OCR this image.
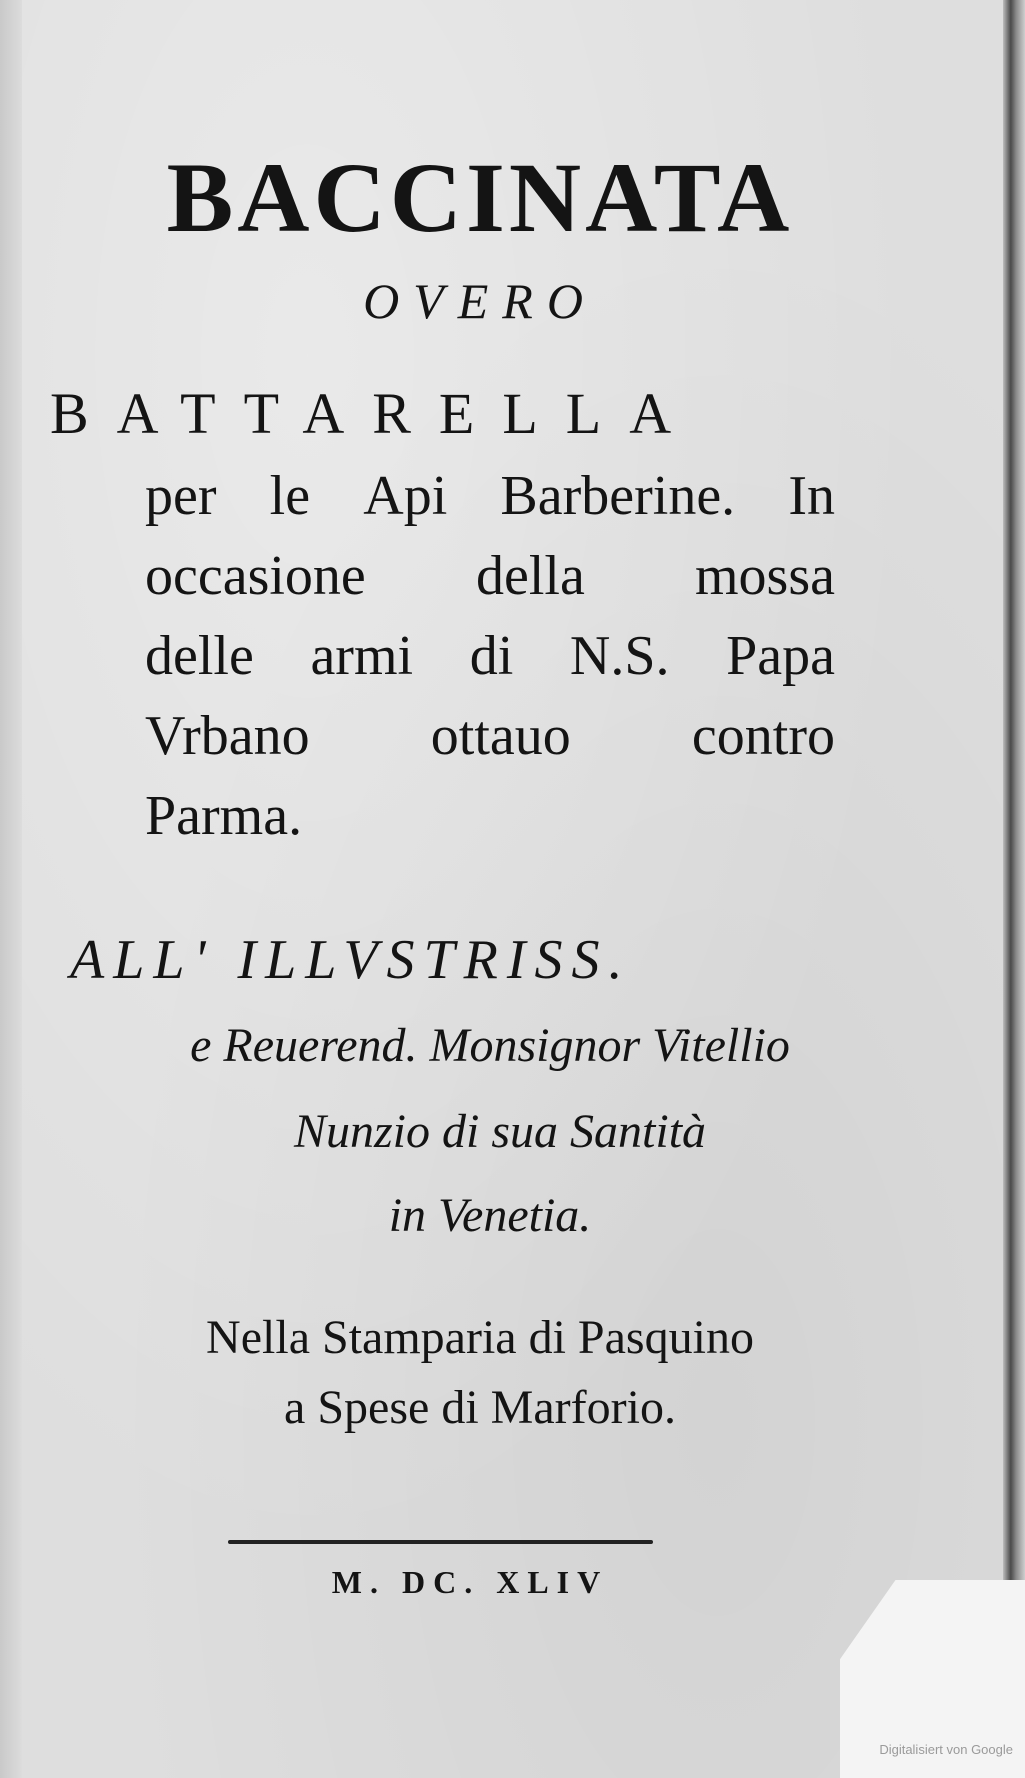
BACCINATA

OVERO

BATTARELLA

per le Api Barberine. In
occasione della mossa
delle armi di N.S. Papa
Vrbano ottauo contro
Parma.

ALL' ILLVSTRISS.

e Reuerend. Monsignor Vitellio

Nunzio di sua Santità

in Venetia.

Nella Stamparia di Pasquino

a Spese di Marforio.

M. DC. XLIV

Digitalisiert von Google
